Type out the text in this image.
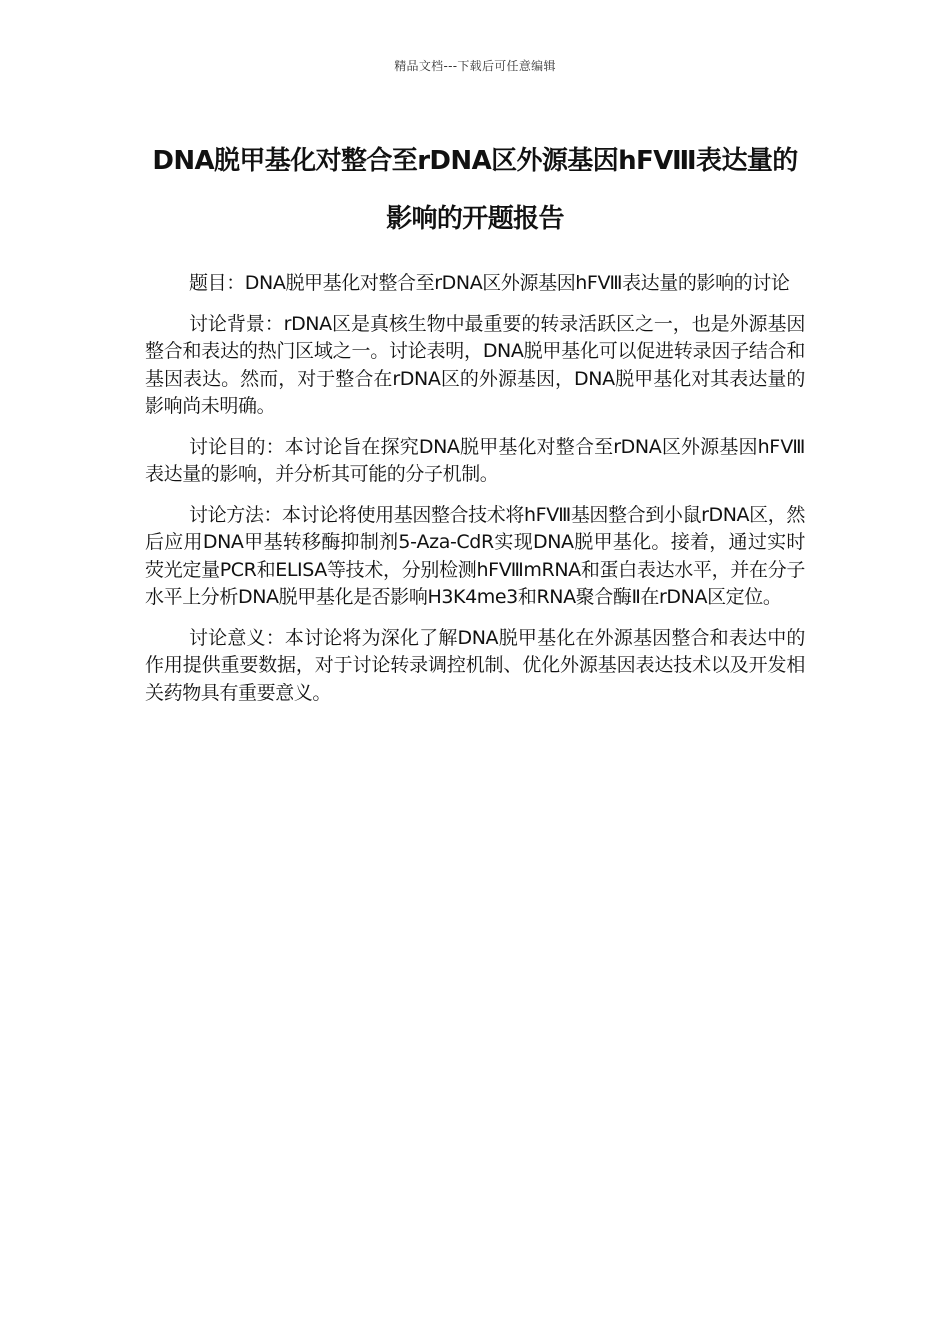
精品文档---下载后可任意编辑
DNA脱甲基化对整合至rDNA区外源基因hFⅧ表达量的影响的开题报告

题目：DNA脱甲基化对整合至rDNA区外源基因hFⅧ表达量的影响的讨论

讨论背景：rDNA区是真核生物中最重要的转录活跃区之一，也是外源基因整合和表达的热门区域之一。讨论表明，DNA脱甲基化可以促进转录因子结合和基因表达。然而，对于整合在rDNA区的外源基因，DNA脱甲基化对其表达量的影响尚未明确。

讨论目的：本讨论旨在探究DNA脱甲基化对整合至rDNA区外源基因hFⅧ表达量的影响，并分析其可能的分子机制。

讨论方法：本讨论将使用基因整合技术将hFⅧ基因整合到小鼠rDNA区，然后应用DNA甲基转移酶抑制剂5-Aza-CdR实现DNA脱甲基化。接着，通过实时荧光定量PCR和ELISA等技术，分别检测hFⅧmRNA和蛋白表达水平，并在分子水平上分析DNA脱甲基化是否影响H3K4me3和RNA聚合酶Ⅱ在rDNA区定位。

讨论意义：本讨论将为深化了解DNA脱甲基化在外源基因整合和表达中的作用提供重要数据，对于讨论转录调控机制、优化外源基因表达技术以及开发相关药物具有重要意义。
